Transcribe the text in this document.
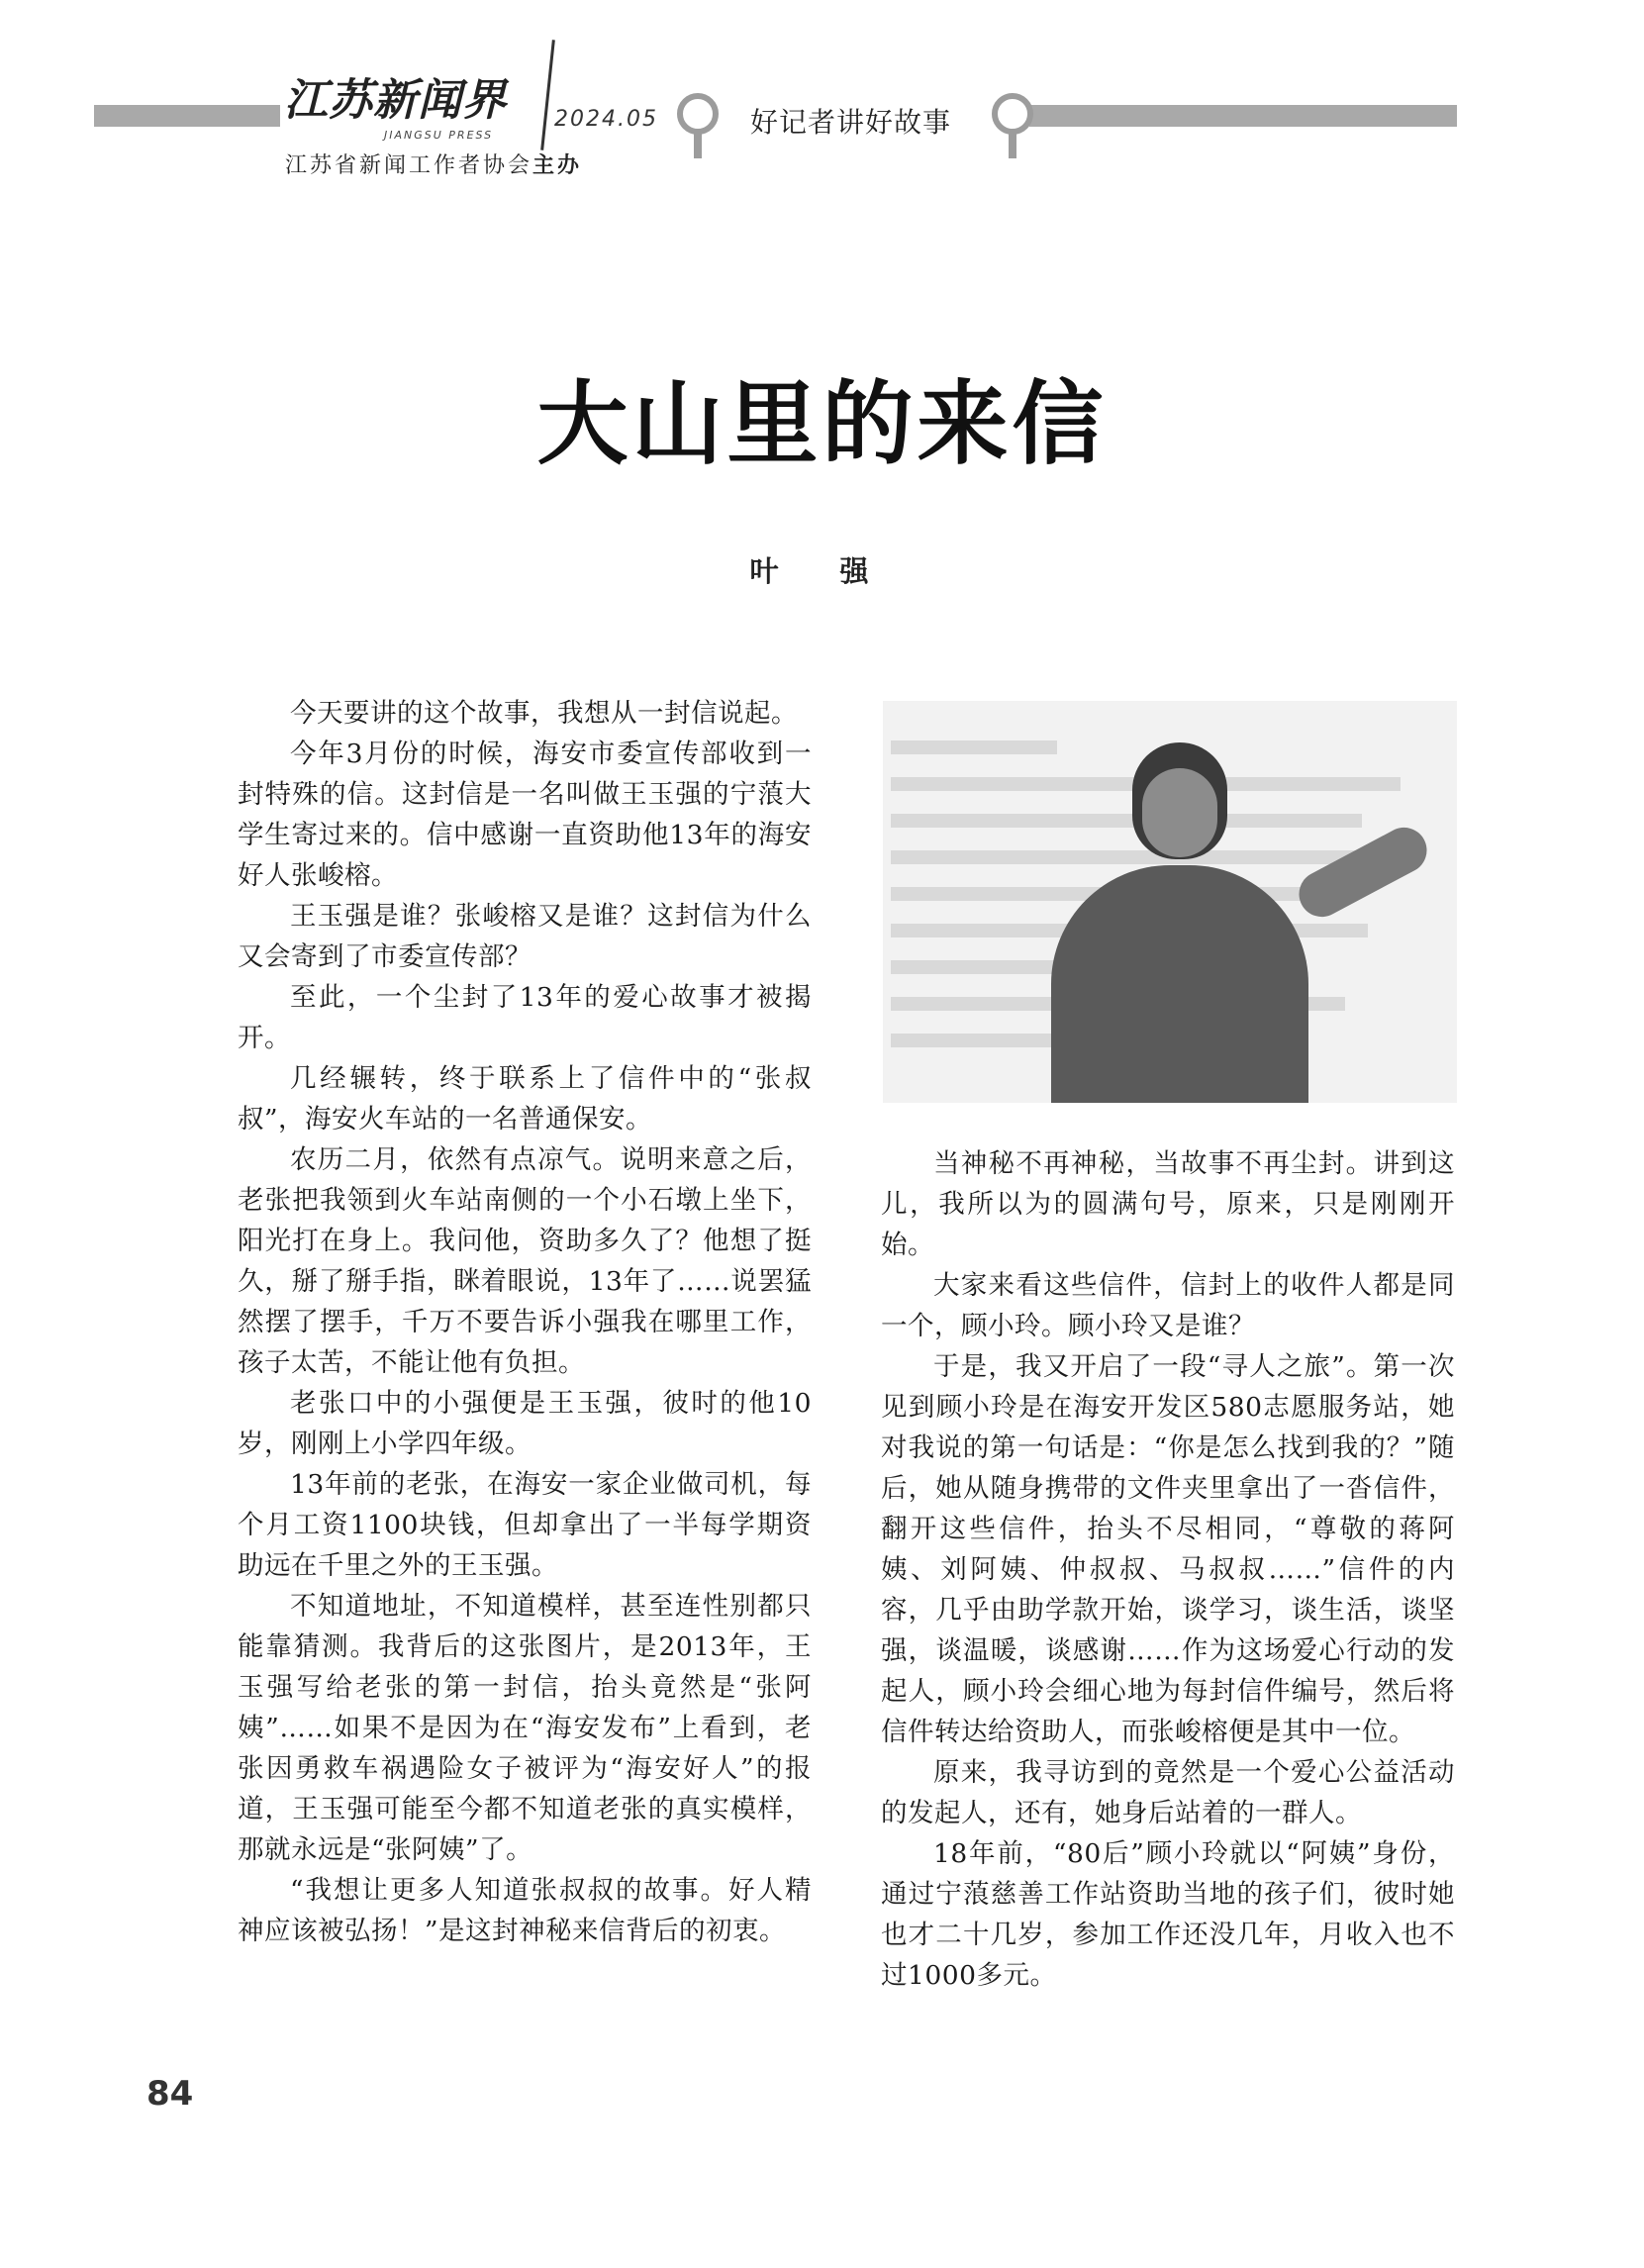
江苏新闻界
JIANGSU PRESS
2024.05
江苏省新闻工作者协会主办
好记者讲好故事
大山里的来信
叶 强

今天要讲的这个故事，我想从一封信说起。

今年3月份的时候，海安市委宣传部收到一封特殊的信。这封信是一名叫做王玉强的宁蒗大学生寄过来的。信中感谢一直资助他13年的海安好人张峻榕。

王玉强是谁？张峻榕又是谁？这封信为什么又会寄到了市委宣传部？

至此，一个尘封了13年的爱心故事才被揭开。

几经辗转，终于联系上了信件中的“张叔叔”，海安火车站的一名普通保安。

农历二月，依然有点凉气。说明来意之后，老张把我领到火车站南侧的一个小石墩上坐下，阳光打在身上。我问他，资助多久了？他想了挺久，掰了掰手指，眯着眼说，13年了……说罢猛然摆了摆手，千万不要告诉小强我在哪里工作，孩子太苦，不能让他有负担。

老张口中的小强便是王玉强，彼时的他10岁，刚刚上小学四年级。

13年前的老张，在海安一家企业做司机，每个月工资1100块钱，但却拿出了一半每学期资助远在千里之外的王玉强。

不知道地址，不知道模样，甚至连性别都只能靠猜测。我背后的这张图片，是2013年，王玉强写给老张的第一封信，抬头竟然是“张阿姨”……如果不是因为在“海安发布”上看到，老张因勇救车祸遇险女子被评为“海安好人”的报道，王玉强可能至今都不知道老张的真实模样，那就永远是“张阿姨”了。

“我想让更多人知道张叔叔的故事。好人精神应该被弘扬！”是这封神秘来信背后的初衷。

当神秘不再神秘，当故事不再尘封。讲到这儿，我所以为的圆满句号，原来，只是刚刚开始。

大家来看这些信件，信封上的收件人都是同一个，顾小玲。顾小玲又是谁？

于是，我又开启了一段“寻人之旅”。第一次见到顾小玲是在海安开发区580志愿服务站，她对我说的第一句话是：“你是怎么找到我的？”随后，她从随身携带的文件夹里拿出了一沓信件，翻开这些信件，抬头不尽相同，“尊敬的蒋阿姨、刘阿姨、仲叔叔、马叔叔……”信件的内容，几乎由助学款开始，谈学习，谈生活，谈坚强，谈温暖，谈感谢……作为这场爱心行动的发起人，顾小玲会细心地为每封信件编号，然后将信件转达给资助人，而张峻榕便是其中一位。

原来，我寻访到的竟然是一个爱心公益活动的发起人，还有，她身后站着的一群人。

18年前，“80后”顾小玲就以“阿姨”身份，通过宁蒗慈善工作站资助当地的孩子们，彼时她也才二十几岁，参加工作还没几年，月收入也不过1000多元。

84
